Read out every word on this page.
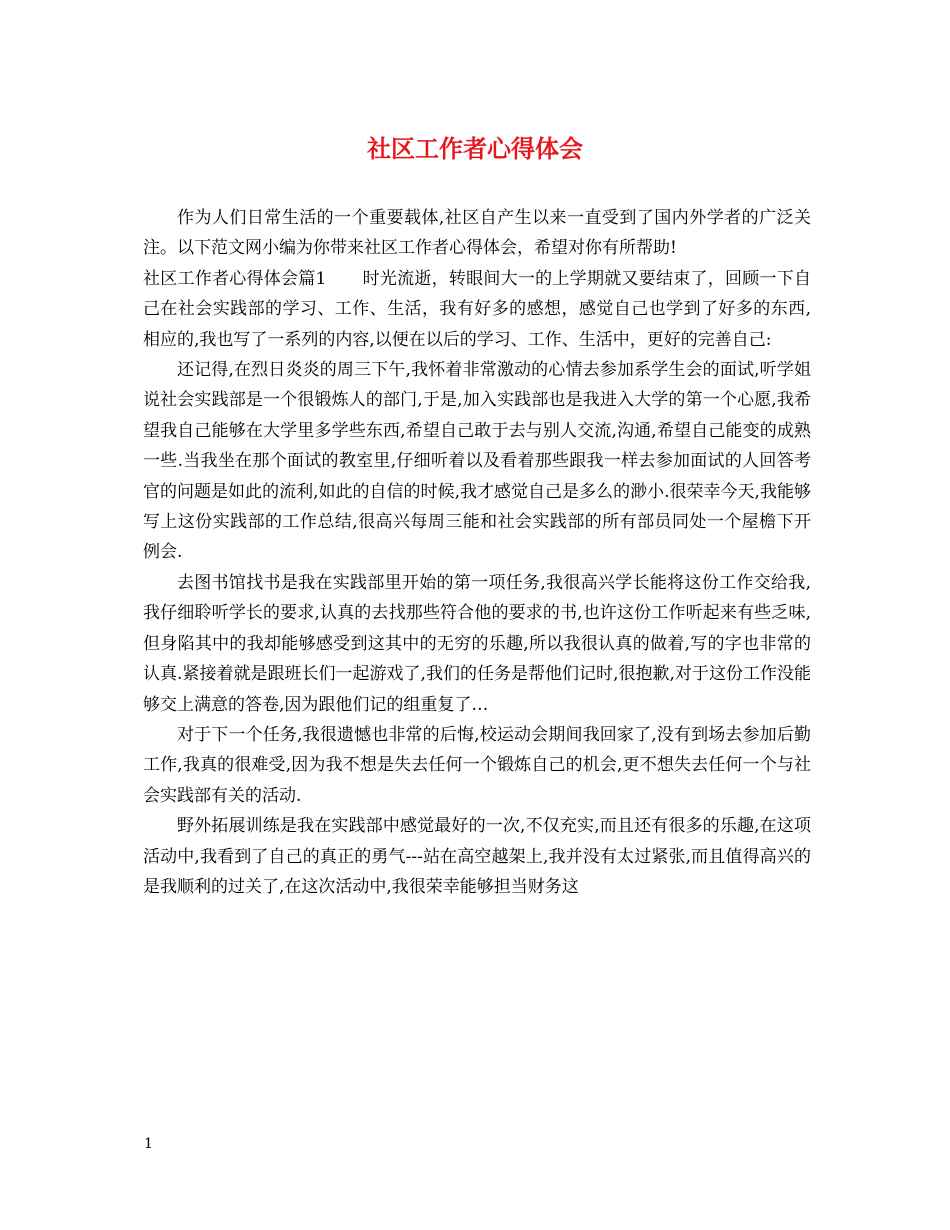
社区工作者心得体会

作为人们日常生活的一个重要载体,社区自产生以来一直受到了国内外学者的广泛关注。以下范文网小编为你带来社区工作者心得体会，希望对你有所帮助!

社区工作者心得体会篇1 时光流逝，转眼间大一的上学期就又要结束了，回顾一下自己在社会实践部的学习、工作、生活，我有好多的感想，感觉自己也学到了好多的东西,相应的,我也写了一系列的内容,以便在以后的学习、工作、生活中，更好的完善自己:

还记得,在烈日炎炎的周三下午,我怀着非常激动的心情去参加系学生会的面试,听学姐说社会实践部是一个很锻炼人的部门,于是,加入实践部也是我进入大学的第一个心愿,我希望我自己能够在大学里多学些东西,希望自己敢于去与别人交流,沟通,希望自己能变的成熟一些.当我坐在那个面试的教室里,仔细听着以及看着那些跟我一样去参加面试的人回答考官的问题是如此的流利,如此的自信的时候,我才感觉自己是多么的渺小.很荣幸今天,我能够写上这份实践部的工作总结,很高兴每周三能和社会实践部的所有部员同处一个屋檐下开例会.

去图书馆找书是我在实践部里开始的第一项任务,我很高兴学长能将这份工作交给我,我仔细聆听学长的要求,认真的去找那些符合他的要求的书,也许这份工作听起来有些乏味,但身陷其中的我却能够感受到这其中的无穷的乐趣,所以我很认真的做着,写的字也非常的认真.紧接着就是跟班长们一起游戏了,我们的任务是帮他们记时,很抱歉,对于这份工作没能够交上满意的答卷,因为跟他们记的组重复了…

对于下一个任务,我很遗憾也非常的后悔,校运动会期间我回家了,没有到场去参加后勤工作,我真的很难受,因为我不想是失去任何一个锻炼自己的机会,更不想失去任何一个与社会实践部有关的活动.

野外拓展训练是我在实践部中感觉最好的一次,不仅充实,而且还有很多的乐趣,在这项活动中,我看到了自己的真正的勇气---站在高空越架上,我并没有太过紧张,而且值得高兴的是我顺利的过关了,在这次活动中,我很荣幸能够担当财务这

1
